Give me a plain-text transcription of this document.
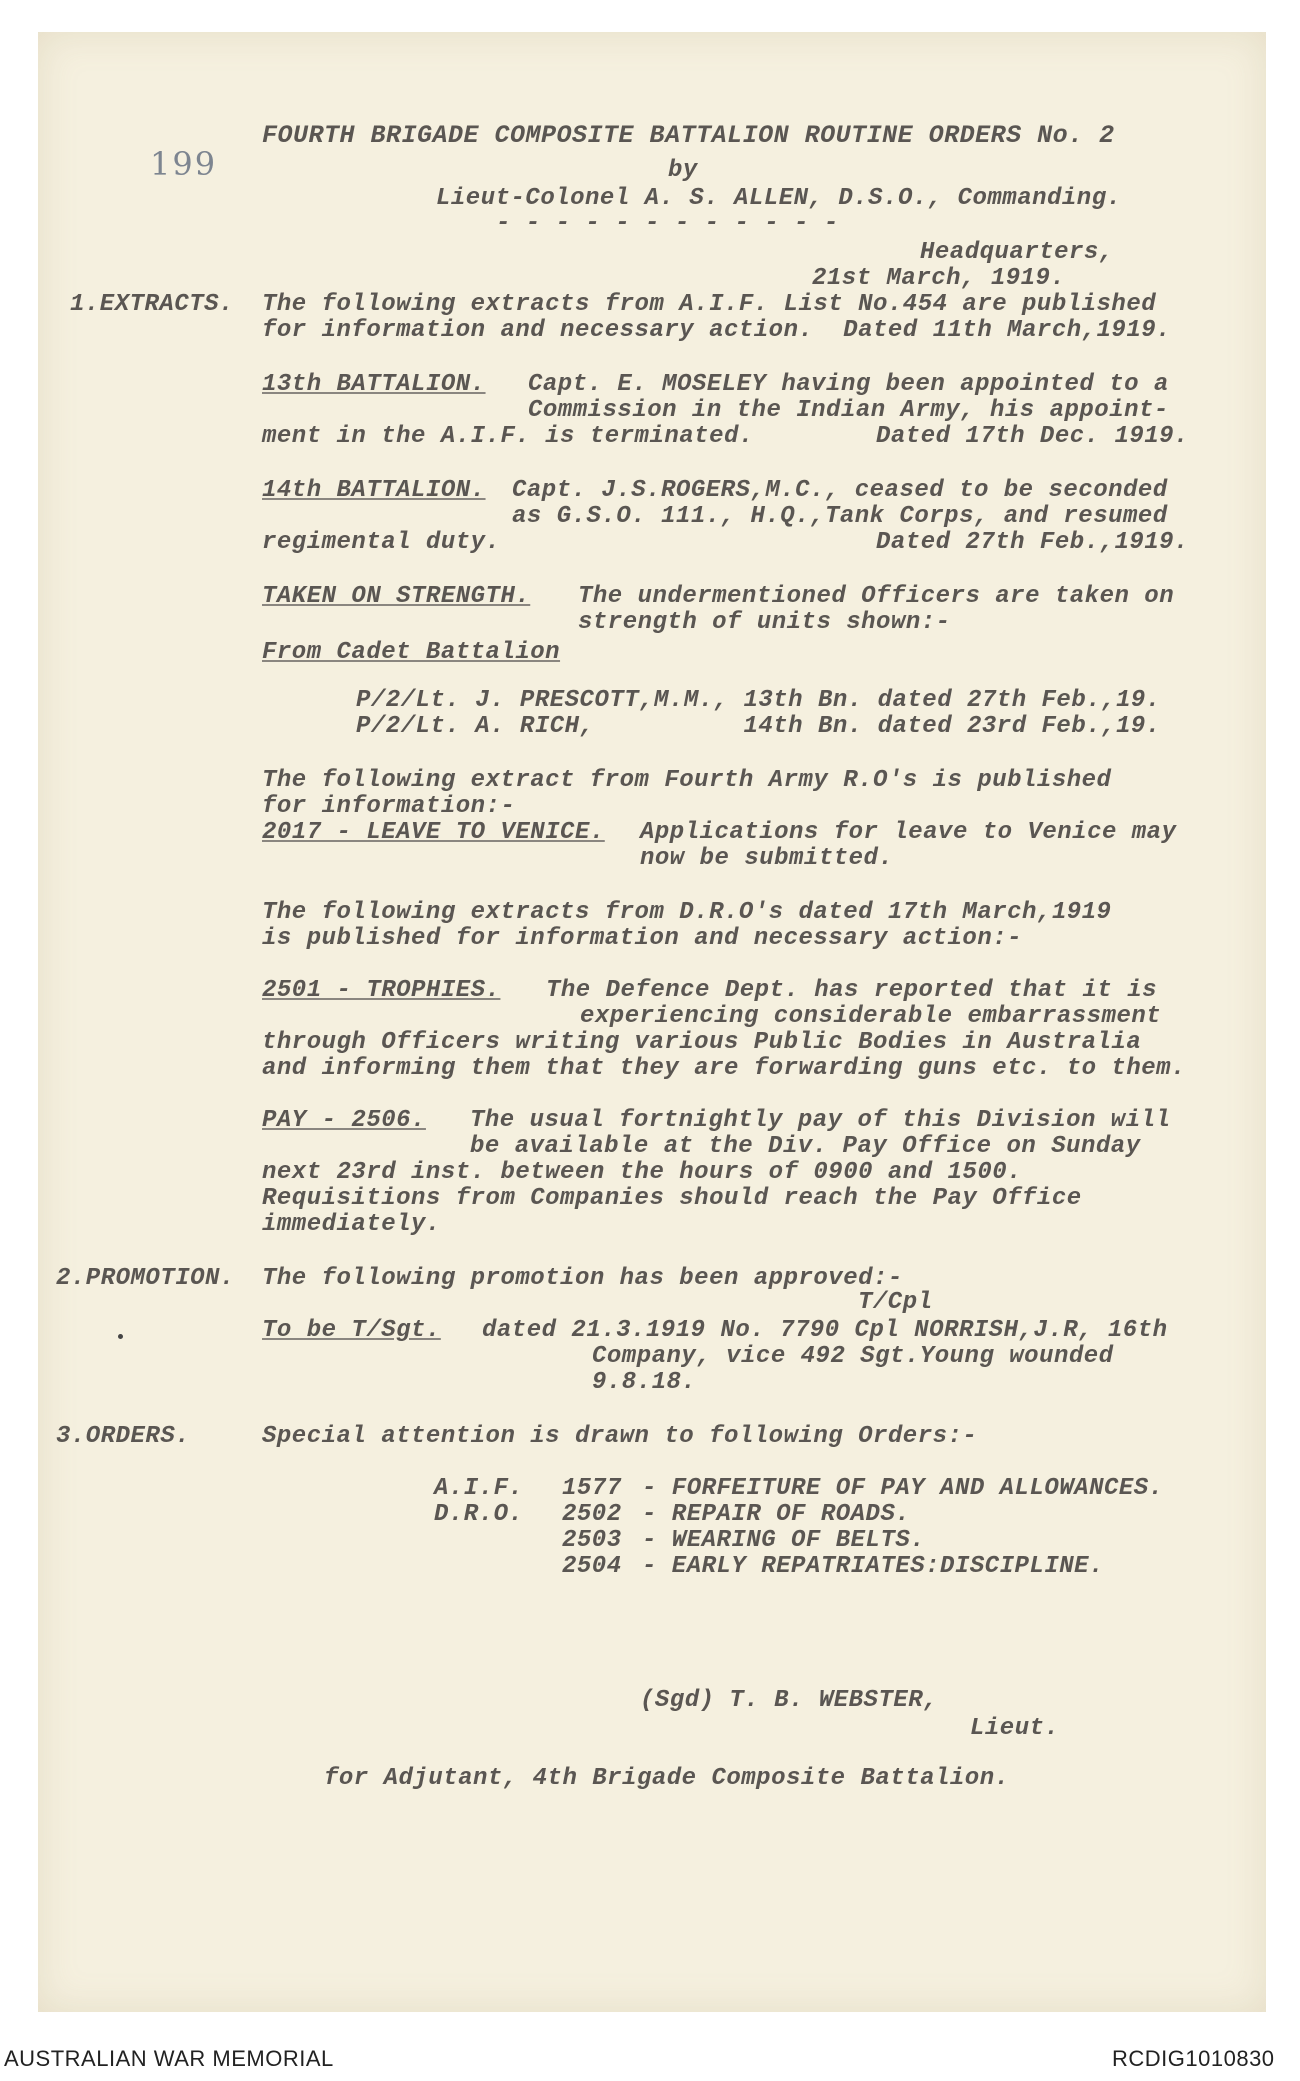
199
FOURTH BRIGADE COMPOSITE BATTALION ROUTINE ORDERS No. 2
by
Lieut-Colonel A. S. ALLEN, D.S.O., Commanding.
- - - - - - - - - - - -
Headquarters,
21st March, 1919.
1.EXTRACTS. The following extracts from A.I.F. List No.454 are published
for information and necessary action.  Dated 11th March,1919.
13th BATTALION. Capt. E. MOSELEY having been appointed to a
Commission in the Indian Army, his appoint-
ment in the A.I.F. is terminated.	Dated 17th Dec. 1919.
14th BATTALION. Capt. J.S.ROGERS,M.C., ceased to be seconded
as G.S.O. 111., H.Q.,Tank Corps, and resumed
regimental duty.	Dated 27th Feb.,1919.
TAKEN ON STRENGTH. The undermentioned Officers are taken on
strength of units shown:-
From Cadet Battalion
P/2/Lt. J. PRESCOTT,M.M., 13th Bn. dated 27th Feb.,19.
P/2/Lt. A. RICH,          14th Bn. dated 23rd Feb.,19.
The following extract from Fourth Army R.O's is published
for information:-
2017 - LEAVE TO VENICE. Applications for leave to Venice may
now be submitted.
The following extracts from D.R.O's dated 17th March,1919
is published for information and necessary action:-
2501 - TROPHIES. The Defence Dept. has reported that it is
experiencing considerable embarrassment
through Officers writing various Public Bodies in Australia
and informing them that they are forwarding guns etc. to them.
PAY - 2506. The usual fortnightly pay of this Division will
be available at the Div. Pay Office on Sunday
next 23rd inst. between the hours of 0900 and 1500.
Requisitions from Companies should reach the Pay Office
immediately.
2.PROMOTION. The following promotion has been approved:-
T/Cpl
To be T/Sgt. dated 21.3.1919 No. 7790 Cpl NORRISH,J.R, 16th
Company, vice 492 Sgt.Young wounded
9.8.18.
3.ORDERS.	Special attention is drawn to following Orders:-
A.I.F. 1577 - FORFEITURE OF PAY AND ALLOWANCES.
D.R.O. 2502 - REPAIR OF ROADS.
2503 - WEARING OF BELTS.
2504 - EARLY REPATRIATES:DISCIPLINE.
(Sgd) T. B. WEBSTER,
Lieut.
for Adjutant, 4th Brigade Composite Battalion.
AUSTRALIAN WAR MEMORIAL	RCDIG1010830
